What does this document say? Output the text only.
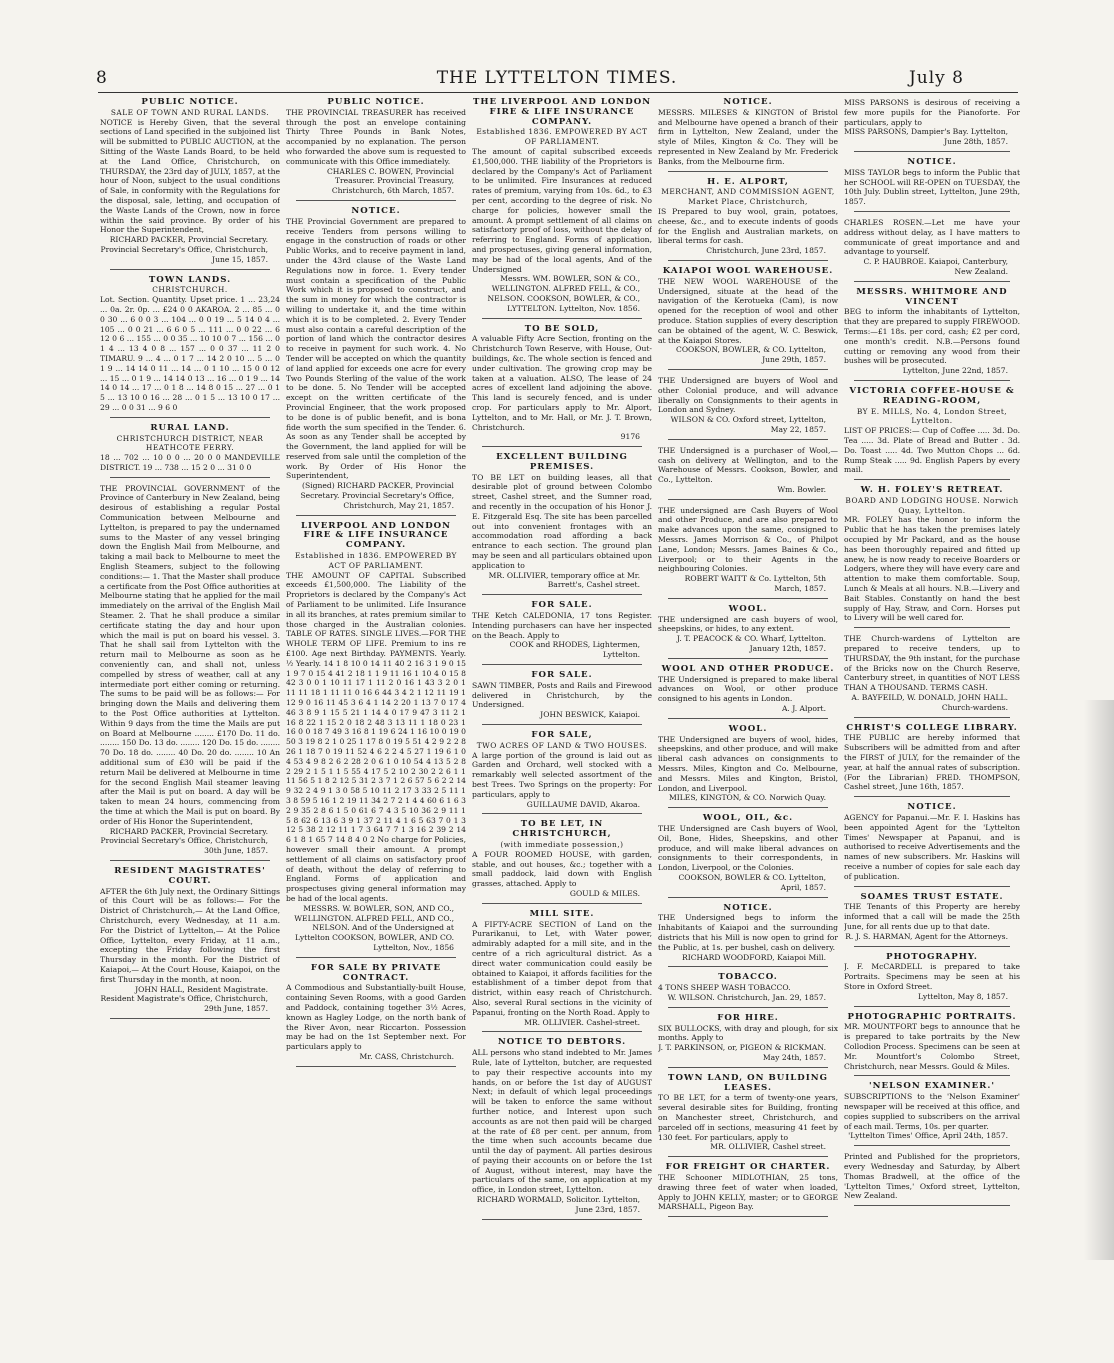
8	THE LYTTELTON TIMES.	July 8
PUBLIC NOTICE.
SALE OF TOWN AND RURAL LANDS.
NOTICE is Hereby Given, that the several sections of Land specified in the subjoined list will be submitted to PUBLIC AUCTION, at the Sitting of the Waste Lands Board, to be held at the Land Office, Christchurch, on THURSDAY, the 23rd day of JULY, 1857, at the hour of Noon, subject to the usual conditions of Sale, in conformity with the Regulations for the disposal, sale, letting, and occupation of the Waste Lands of the Crown, now in force within the said province. By order of his Honor the Superintendent,
RICHARD PACKER, Provincial Secretary. Provincial Secretary's Office, Christchurch, June 15, 1857.
TOWN LANDS.
CHRISTCHURCH.
Lot. Section. Quantity. Upset price. 1 ... 23,24 ... 0a. 2r. 0p. ... £24 0 0 AKAROA. 2 ... 85 ... 0 0 30 ... 6 0 0 3 ... 104 ... 0 0 19 ... 5 14 0 4 ... 105 ... 0 0 21 ... 6 6 0 5 ... 111 ... 0 0 22 ... 6 12 0 6 ... 155 ... 0 0 35 ... 10 10 0 7 ... 156 ... 0 1 4 ... 13 4 0 8 ... 157 ... 0 0 37 ... 11 2 0 TIMARU. 9 ... 4 ... 0 1 7 ... 14 2 0 10 ... 5 ... 0 1 9 ... 14 14 0 11 ... 14 ... 0 1 10 ... 15 0 0 12 ... 15 ... 0 1 9 ... 14 14 0 13 ... 16 ... 0 1 9 ... 14 14 0 14 ... 17 ... 0 1 8 ... 14 8 0 15 ... 27 ... 0 1 5 ... 13 10 0 16 ... 28 ... 0 1 5 ... 13 10 0 17 ... 29 ... 0 0 31 ... 9 6 0
RURAL LAND.
CHRISTCHURCH DISTRICT, NEAR HEATHCOTE FERRY.
18 ... 702 ... 10 0 0 ... 20 0 0 MANDEVILLE DISTRICT. 19 ... 738 ... 15 2 0 ... 31 0 0
THE PROVINCIAL GOVERNMENT of the Province of Canterbury in New Zealand, being desirous of establishing a regular Postal Communication between Melbourne and Lyttelton, is prepared to pay the undernamed sums to the Master of any vessel bringing down the English Mail from Melbourne, and taking a mail back to Melbourne to meet the English Steamers, subject to the following conditions:— 1. That the Master shall produce a certificate from the Post Office authorities at Melbourne stating that he applied for the mail immediately on the arrival of the English Mail Steamer. 2. That he shall produce a similar certificate stating the day and hour upon which the mail is put on board his vessel. 3. That he shall sail from Lyttelton with the return mail to Melbourne as soon as he conveniently can, and shall not, unless compelled by stress of weather, call at any intermediate port either coming or returning. The sums to be paid will be as follows:— For bringing down the Mails and delivering them to the Post Office authorities at Lyttelton. Within 9 days from the time the Mails are put on Board at Melbourne ........ £170 Do. 11 do. ........ 150 Do. 13 do. ........ 120 Do. 15 do. ........ 70 Do. 18 do. ........ 40 Do. 20 do. ........ 10 An additional sum of £30 will be paid if the return Mail be delivered at Melbourne in time for the second English Mail steamer leaving after the Mail is put on board. A day will be taken to mean 24 hours, commencing from the time at which the Mail is put on board. By order of His Honor the Superintendent,
RICHARD PACKER, Provincial Secretary. Provincial Secretary's Office, Christchurch, 30th June, 1857.
RESIDENT MAGISTRATES' COURT.
AFTER the 6th July next, the Ordinary Sittings of this Court will be as follows:— For the District of Christchurch,— At the Land Office, Christchurch, every Wednesday, at 11 a.m. For the District of Lyttelton,— At the Police Office, Lyttelton, every Friday, at 11 a.m., excepting the Friday following the first Thursday in the month. For the District of Kaiapoi,— At the Court House, Kaiapoi, on the first Thursday in the month, at noon.
JOHN HALL, Resident Magistrate. Resident Magistrate's Office, Christchurch, 29th June, 1857.
PUBLIC NOTICE.
THE PROVINCIAL TREASURER has received through the post an envelope containing Thirty Three Pounds in Bank Notes, accompanied by no explanation. The person who forwarded the above sum is requested to communicate with this Office immediately.
CHARLES C. BOWEN, Provincial Treasurer. Provincial Treasury, Christchurch, 6th March, 1857.
NOTICE.
THE Provincial Government are prepared to receive Tenders from persons willing to engage in the construction of roads or other Public Works, and to receive payment in land, under the 43rd clause of the Waste Land Regulations now in force. 1. Every tender must contain a specification of the Public Work which it is proposed to construct, and the sum in money for which the contractor is willing to undertake it, and the time within which it is to be completed. 2. Every Tender must also contain a careful description of the portion of land which the contractor desires to receive in payment for such work. 4. No Tender will be accepted on which the quantity of land applied for exceeds one acre for every Two Pounds Sterling of the value of the work to be done. 5. No Tender will be accepted except on the written certificate of the Provincial Engineer, that the work proposed to be done is of public benefit, and is bona fide worth the sum specified in the Tender. 6. As soon as any Tender shall be accepted by the Government, the land applied for will be reserved from sale until the completion of the work. By Order of His Honor the Superintendent,
(Signed) RICHARD PACKER, Provincial Secretary. Provincial Secretary's Office, Christchurch, May 21, 1857.
LIVERPOOL AND LONDON FIRE & LIFE INSURANCE COMPANY.
Established in 1836. EMPOWERED BY ACT OF PARLIAMENT.
THE AMOUNT OF CAPITAL Subscribed exceeds £1,500,000. The Liability of the Proprietors is declared by the Company's Act of Parliament to be unlimited. Life Insurance in all its branches, at rates premium similar to those charged in the Australian colonies. TABLE OF RATES. SINGLE LIVES.—FOR THE WHOLE TERM OF LIFE. Premium to ins re £100. Age next Birthday. PAYMENTS. Yearly. ½ Yearly. 14 1 8 10 0 14 11 40 2 16 3 1 9 0 15 1 9 7 0 15 4 41 2 18 1 1 9 11 16 1 10 4 0 15 8 42 3 0 0 1 10 11 17 1 11 2 0 16 1 43 3 2 0 1 11 11 18 1 11 11 0 16 6 44 3 4 2 1 12 11 19 1 12 9 0 16 11 45 3 6 4 1 14 2 20 1 13 7 0 17 4 46 3 8 9 1 15 5 21 1 14 4 0 17 9 47 3 11 2 1 16 8 22 1 15 2 0 18 2 48 3 13 11 1 18 0 23 1 16 0 0 18 7 49 3 16 8 1 19 6 24 1 16 10 0 19 0 50 3 19 8 2 1 0 25 1 17 8 0 19 5 51 4 2 9 2 2 8 26 1 18 7 0 19 11 52 4 6 2 2 4 5 27 1 19 6 1 0 4 53 4 9 8 2 6 2 28 2 0 6 1 0 10 54 4 13 5 2 8 2 29 2 1 5 1 1 5 55 4 17 5 2 10 2 30 2 2 6 1 1 11 56 5 1 8 2 12 5 31 2 3 7 1 2 6 57 5 6 2 2 14 9 32 2 4 9 1 3 0 58 5 10 11 2 17 3 33 2 5 11 1 3 8 59 5 16 1 2 19 11 34 2 7 2 1 4 4 60 6 1 6 3 2 9 35 2 8 6 1 5 0 61 6 7 4 3 5 10 36 2 9 11 1 5 8 62 6 13 6 3 9 1 37 2 11 4 1 6 5 63 7 0 1 3 12 5 38 2 12 11 1 7 3 64 7 7 1 3 16 2 39 2 14 6 1 8 1 65 7 14 8 4 0 2 No charge for Policies, however small their amount. A prompt settlement of all claims on satisfactory proof of death, without the delay of referring to England. Forms of application and prospectuses giving general information may be had of the local agents.
MESSRS. W. BOWLER, SON, AND CO., WELLINGTON. ALFRED FELL, AND CO., NELSON. And of the Undersigned at Lyttelton COOKSON, BOWLER, AND CO. Lyttelton, Nov., 1856
FOR SALE BY PRIVATE CONTRACT.
A Commodious and Substantially-built House, containing Seven Rooms, with a good Garden and Paddock, containing together 3½ Acres, known as Hagley Lodge, on the north bank of the River Avon, near Riccarton. Possession may be had on the 1st September next. For particulars apply to
Mr. CASS, Christchurch.
THE LIVERPOOL AND LONDON FIRE & LIFE INSURANCE COMPANY.
Established 1836. EMPOWERED BY ACT OF PARLIAMENT.
The amount of capital subscribed exceeds £1,500,000. THE liability of the Proprietors is declared by the Company's Act of Parliament to be unlimited. Fire Insurances at reduced rates of premium, varying from 10s. 6d., to £3 per cent, according to the degree of risk. No charge for policies, however small the amount. A prompt settlement of all claims on satisfactory proof of loss, without the delay of referring to England. Forms of application, and prospectuses, giving general information, may be had of the local agents, And of the Undersigned
Messrs. WM. BOWLER, SON & CO., WELLINGTON. ALFRED FELL, & CO., NELSON. COOKSON, BOWLER, & CO., LYTTELTON. Lyttelton, Nov. 1856.
TO BE SOLD,
A valuable Fifty Acre Section, fronting on the Christchurch Town Reserve, with House, Out-buildings, &c. The whole section is fenced and under cultivation. The growing crop may be taken at a valuation. ALSO, The lease of 24 acres of excellent land adjoining the above. This land is securely fenced, and is under crop. For particulars apply to Mr. Alport, Lyttelton, and to Mr. Hall, or Mr. J. T. Brown, Christchurch.
9176
EXCELLENT BUILDING PREMISES.
TO BE LET on building leases, all that desirable plot of ground between Colombo street, Cashel street, and the Sumner road, and recently in the occupation of his Honor J. E. Fitzgerald Esq. The site has been parcelled out into convenient frontages with an accommodation road affording a back entrance to each section. The ground plan may be seen and all particulars obtained upon application to
MR. OLLIVIER, temporary office at Mr. Barrett's, Cashel street.
FOR SALE.
THE Ketch CALEDONIA, 17 tons Register. Intending purchasers can have her inspected on the Beach. Apply to
COOK and RHODES, Lightermen, Lyttelton.
FOR SALE.
SAWN TIMBER, Posts and Rails and Firewood delivered in Christchurch, by the Undersigned.
JOHN BESWICK, Kaiapoi.
FOR SALE,
TWO ACRES OF LAND & TWO HOUSES.
A large portion of the ground is laid out as Garden and Orchard, well stocked with a remarkably well selected assortment of the best Trees. Two Springs on the property: For particulars, apply to
GUILLAUME DAVID, Akaroa.
TO BE LET, IN CHRISTCHURCH,
(with immediate possession,)
A FOUR ROOMED HOUSE, with garden, stable, and out houses, &c.; together with a small paddock, laid down with English grasses, attached. Apply to
GOULD & MILES.
MILL SITE.
A FIFTY-ACRE SECTION of Land on the Purarikanui, to Let, with Water power, admirably adapted for a mill site, and in the centre of a rich agricultural district. As a direct water communication could easily be obtained to Kaiapoi, it affords facilities for the establishment of a timber depot from that district, within easy reach of Christchurch. Also, several Rural sections in the vicinity of Papanui, fronting on the North Road. Apply to
MR. OLLIVIER. Cashel-street.
NOTICE TO DEBTORS.
ALL persons who stand indebted to Mr. James Rule, late of Lyttelton, butcher, are requested to pay their respective accounts into my hands, on or before the 1st day of AUGUST Next; in default of which legal proceedings will be taken to enforce the same without further notice, and Interest upon such accounts as are not then paid will be charged at the rate of £8 per cent. per annum, from the time when such accounts became due until the day of payment. All parties desirous of paying their accounts on or before the 1st of August, without interest, may have the particulars of the same, on application at my office, in London street, Lyttelton.
RICHARD WORMALD, Solicitor. Lyttelton, June 23rd, 1857.
NOTICE.
MESSRS. MILESES & KINGTON of Bristol and Melbourne have opened a branch of their firm in Lyttelton, New Zealand, under the style of Miles, Kington & Co. They will be represented in New Zealand by Mr. Frederick Banks, from the Melbourne firm.
H. E. ALPORT,
MERCHANT, AND COMMISSION AGENT, Market Place, Christchurch,
IS Prepared to buy wool, grain, potatoes, cheese, &c., and to execute indents of goods for the English and Australian markets, on liberal terms for cash.
Christchurch, June 23rd, 1857.
KAIAPOI WOOL WAREHOUSE.
THE NEW WOOL WAREHOUSE of the Undersigned, situate at the head of the navigation of the Kerotueka (Cam), is now opened for the reception of wool and other produce. Station supplies of every description can be obtained of the agent, W. C. Beswick, at the Kaiapoi Stores.
COOKSON, BOWLER, & CO. Lyttelton, June 29th, 1857.
THE Undersigned are buyers of Wool and other Colonial produce, and will advance liberally on Consignments to their agents in London and Sydney.
WILSON & CO. Oxford street, Lyttelton, May 22, 1857.
THE Undersigned is a purchaser of Wool,—cash on delivery at Wellington, and to the Warehouse of Messrs. Cookson, Bowler, and Co., Lyttelton.
Wm. Bowler.
THE undersigned are Cash Buyers of Wool and other Produce, and are also prepared to make advances upon the same, consigned to Messrs. James Morrison & Co., of Philpot Lane, London; Messrs. James Baines & Co., Liverpool; or to their Agents in the neighbouring Colonies.
ROBERT WAITT & Co. Lyttelton, 5th March, 1857.
WOOL.
THE undersigned are cash buyers of wool, sheepskins, or hides, to any extent.
J. T. PEACOCK & CO. Wharf, Lyttelton. January 12th, 1857.
WOOL AND OTHER PRODUCE.
THE Undersigned is prepared to make liberal advances on Wool, or other produce consigned to his agents in London.
A. J. Alport.
WOOL.
THE Undersigned are buyers of wool, hides, sheepskins, and other produce, and will make liberal cash advances on consignments to Messrs. Miles, Kington and Co. Melbourne, and Messrs. Miles and Kington, Bristol, London, and Liverpool.
MILES, KINGTON, & CO. Norwich Quay.
WOOL, OIL, &c.
THE Undersigned are Cash buyers of Wool, Oil, Bone, Hides, Sheepskins, and other produce, and will make liberal advances on consignments to their correspondents, in London, Liverpool, or the Colonies.
COOKSON, BOWLER & CO. Lyttelton, April, 1857.
NOTICE.
THE Undersigned begs to inform the Inhabitants of Kaiapoi and the surrounding districts that his Mill is now open to grind for the Public, at 1s. per bushel, cash on delivery.
RICHARD WOODFORD, Kaiapoi Mill.
TOBACCO.
4 TONS SHEEP WASH TOBACCO.
W. WILSON. Christchurch, Jan. 29, 1857.
FOR HIRE.
SIX BULLOCKS, with dray and plough, for six months. Apply to
J. T. PARKINSON, or, PIGEON & RICKMAN. May 24th, 1857.
TOWN LAND, ON BUILDING LEASES.
TO BE LET, for a term of twenty-one years, several desirable sites for Building, fronting on Manchester street, Christchurch, and parceled off in sections, measuring 41 feet by 130 feet. For particulars, apply to
MR. OLLIVIER, Cashel street.
FOR FREIGHT OR CHARTER.
THE Schooner MIDLOTHIAN, 25 tons, drawing three feet of water when loaded, Apply to JOHN KELLY, master; or to GEORGE MARSHALL, Pigeon Bay.
MISS PARSONS is desirous of receiving a few more pupils for the Pianoforte. For particulars, apply to
MISS PARSONS, Dampier's Bay. Lyttelton, June 28th, 1857.
NOTICE.
MISS TAYLOR begs to inform the Public that her SCHOOL will RE-OPEN on TUESDAY, the 10th July. Dublin street, Lyttelton, June 29th, 1857.
CHARLES ROSEN.—Let me have your address without delay, as I have matters to communicate of great importance and and advantage to yourself.
C. P. HAUBROE. Kaiapoi, Canterbury, New Zealand.
MESSRS. WHITMORE AND VINCENT
BEG to inform the inhabitants of Lyttelton, that they are prepared to supply FIREWOOD. Terms:—£1 18s. per cord, cash; £2 per cord, one month's credit. N.B.—Persons found cutting or removing any wood from their bushes will be prosecuted.
Lyttelton, June 22nd, 1857.
VICTORIA COFFEE-HOUSE & READING-ROOM,
BY E. MILLS, No. 4, London Street, Lyttelton.
LIST OF PRICES:— Cup of Coffee ..... 3d. Do. Tea ..... 3d. Plate of Bread and Butter . 3d. Do. Toast ..... 4d. Two Mutton Chops ... 6d. Rump Steak ..... 9d. English Papers by every mail.
W. H. FOLEY'S RETREAT.
BOARD AND LODGING HOUSE. Norwich Quay, Lyttelton.
MR. FOLEY has the honor to inform the Public that he has taken the premises lately occupied by Mr Packard, and as the house has been thoroughly repaired and fitted up anew, he is now ready to receive Boarders or Lodgers, where they will have every care and attention to make them comfortable. Soup, Lunch & Meals at all hours. N.B.—Livery and Bait Stables. Constantly on hand the best supply of Hay, Straw, and Corn. Horses put to Livery will be well cared for.
THE Church-wardens of Lyttelton are prepared to receive tenders, up to THURSDAY, the 9th instant, for the purchase of the Bricks now on the Church Reserve, Canterbury street, in quantities of NOT LESS THAN A THOUSAND. TERMS CASH.
A. BAYFEILD, W. DONALD, JOHN HALL. Church-wardens.
CHRIST'S COLLEGE LIBRARY.
THE PUBLIC are hereby informed that Subscribers will be admitted from and after the FIRST of JULY, for the remainder of the year, at half the annual rates of subscription. (For the Librarian) FRED. THOMPSON, Cashel street, June 16th, 1857.
NOTICE.
AGENCY for Papanui.—Mr. F. I. Haskins has been appointed Agent for the 'Lyttelton Times' Newspaper at Papanui, and is authorised to receive Advertisements and the names of new subscribers. Mr. Haskins will receive a number of copies for sale each day of publication.
SOAMES TRUST ESTATE.
THE Tenants of this Property are hereby informed that a call will be made the 25th June, for all rents due up to that date.
R. J. S. HARMAN, Agent for the Attorneys.
PHOTOGRAPHY.
J. F. McCARDELL is prepared to take Portraits. Specimens may be seen at his Store in Oxford Street.
Lyttelton, May 8, 1857.
PHOTOGRAPHIC PORTRAITS.
MR. MOUNTFORT begs to announce that he is prepared to take portraits by the New Collodion Process. Specimens can be seen at Mr. Mountfort's Colombo Street, Christchurch, near Messrs. Gould & Miles.
'NELSON EXAMINER.'
SUBSCRIPTIONS to the 'Nelson Examiner' newspaper will be received at this office, and copies supplied to subscribers on the arrival of each mail. Terms, 10s. per quarter.
'Lyttelton Times' Office, April 24th, 1857.
Printed and Published for the proprietors, every Wednesday and Saturday, by Albert Thomas Bradwell, at the office of the 'Lyttelton Times,' Oxford street, Lyttelton, New Zealand.
